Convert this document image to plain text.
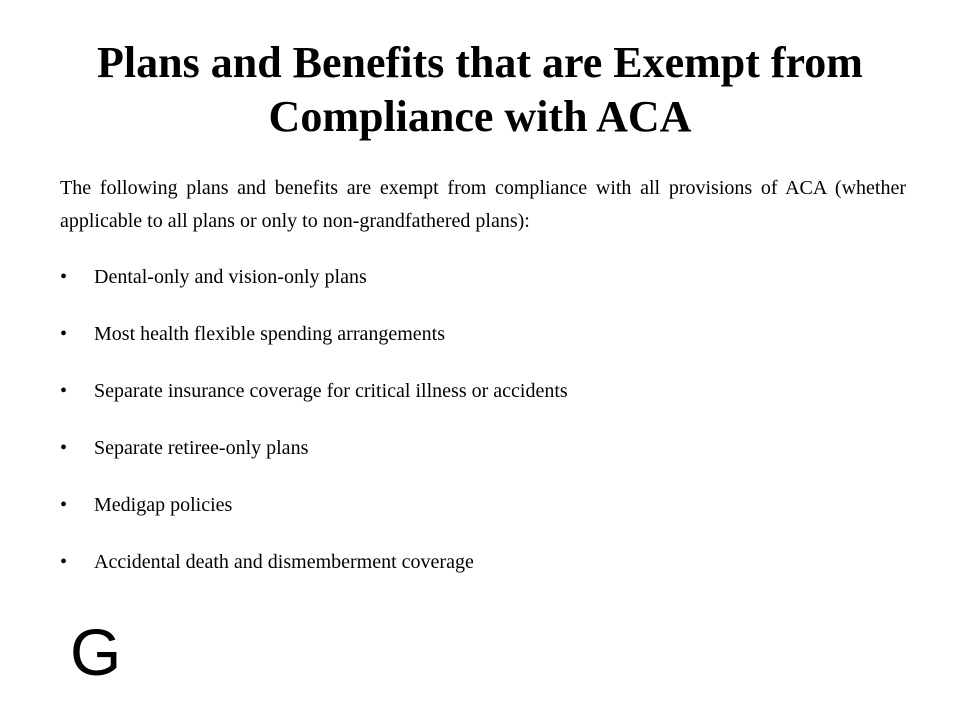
Plans and Benefits that are Exempt from
Compliance with ACA

The following plans and benefits are exempt from compliance with all provisions of ACA (whether applicable to all plans or only to non-grandfathered plans):

•	Dental-only and vision-only plans
•	Most health flexible spending arrangements
•	Separate insurance coverage for critical illness or accidents
•	Separate retiree-only plans
•	Medigap policies
•	Accidental death and dismemberment coverage
G
